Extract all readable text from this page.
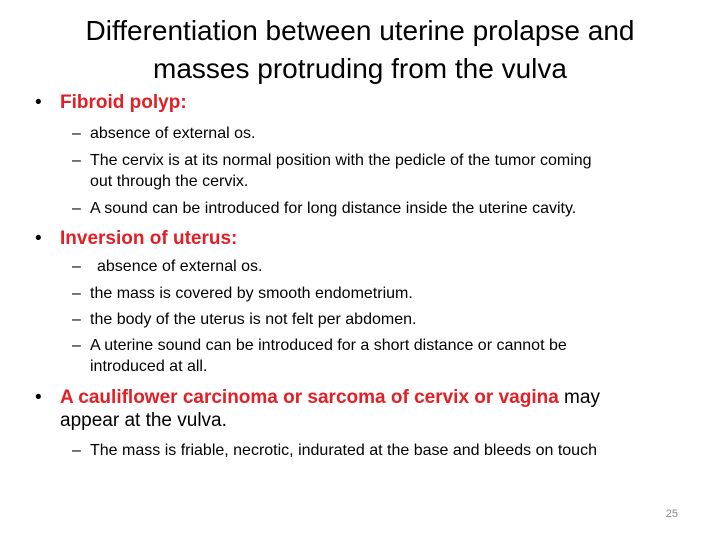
Differentiation between uterine prolapse and
masses protruding from the vulva
• Fibroid polyp:
– absence of external os.
– The cervix is at its normal position with the pedicle of the tumor coming
out through the cervix.
– A sound can be introduced for long distance inside the uterine cavity.
• Inversion of uterus:
– absence of external os.
– the mass is covered by smooth endometrium.
– the body of the uterus is not felt per abdomen.
– A uterine sound can be introduced for a short distance or cannot be
introduced at all.
• A cauliflower carcinoma or sarcoma of cervix or vagina may
appear at the vulva.
– The mass is friable, necrotic, indurated at the base and bleeds on touch
25
